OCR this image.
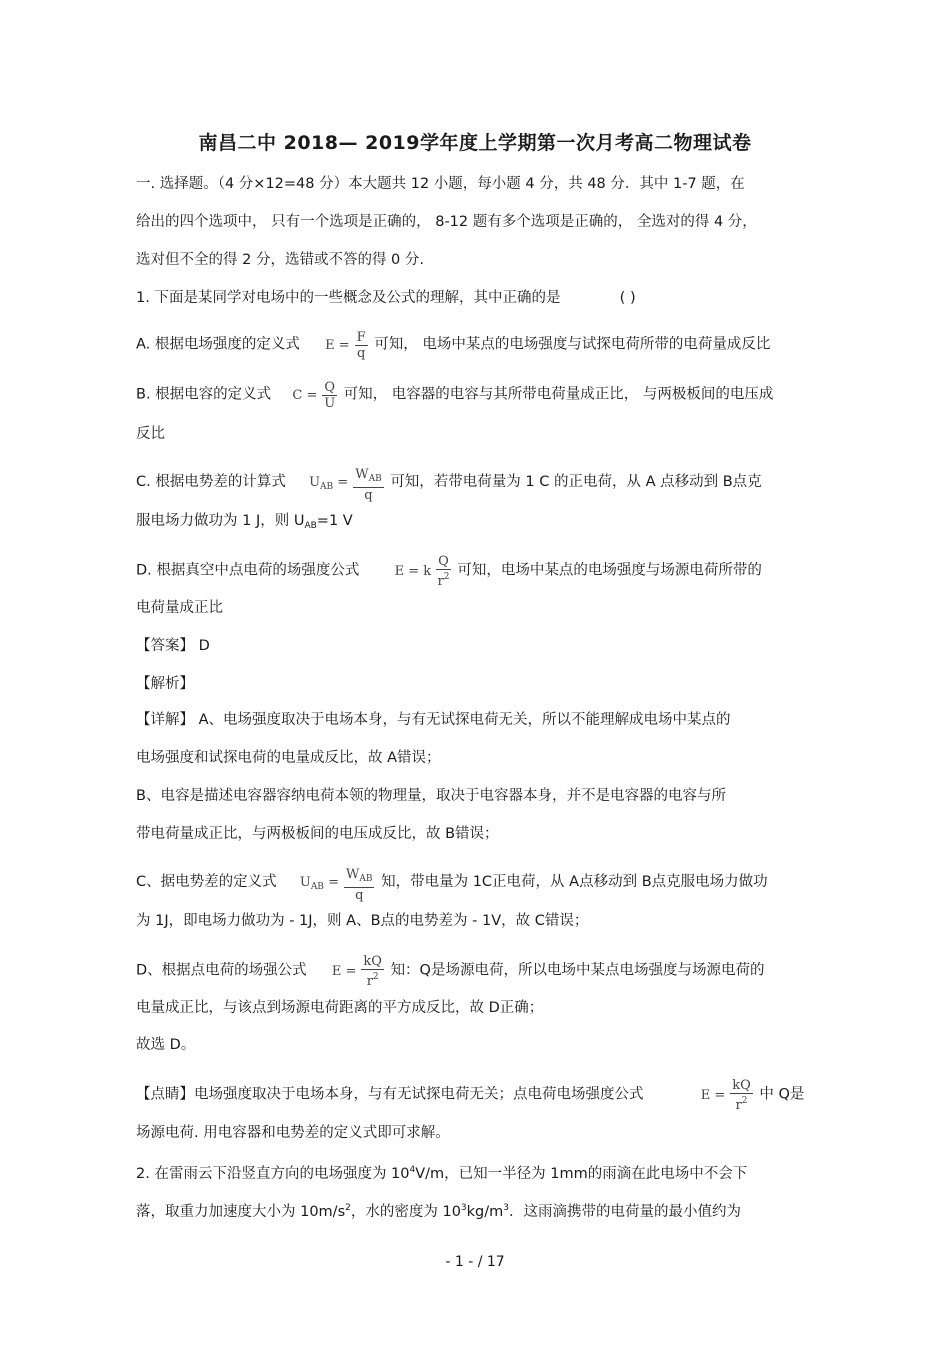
南昌二中 2018— 2019学年度上学期第一次月考高二物理试卷
一. 选择题。（4 分×12=48 分）本大题共 12 小题，每小题 4 分，共 48 分．其中 1-7 题，在
给出的四个选项中， 只有一个选项是正确的， 8-12 题有多个选项是正确的， 全选对的得 4 分，
选对但不全的得 2 分，选错或不答的得 0 分.
1. 下面是某同学对电场中的一些概念及公式的理解，其中正确的是	( )
A. 根据电场强度的定义式 $E = \frac{F}{q}$ 可知， 电场中某点的电场强度与试探电荷所带的电荷量成反比
B. 根据电容的定义式 $C = \frac{Q}{U}$ 可知， 电容器的电容与其所带电荷量成正比， 与两极板间的电压成
反比
C. 根据电势差的计算式 $U_{AB} = \frac{W_{AB}}{q}$ 可知，若带电荷量为 1 C 的正电荷，从 A 点移动到 B点克
服电场力做功为 1 J，则 $U_{AB}=1$ V
D. 根据真空中点电荷的场强度公式	E = k $\frac{Q}{r^2}$ 可知，电场中某点的电场强度与场源电荷所带的
电荷量成正比
【答案】 D
【解析】
【详解】 A、电场强度取决于电场本身，与有无试探电荷无关，所以不能理解成电场中某点的
电场强度和试探电荷的电量成反比，故 A错误；
B、电容是描述电容器容纳电荷本领的物理量，取决于电容器本身，并不是电容器的电容与所
带电荷量成正比，与两极板间的电压成反比，故 B错误；
C、据电势差的定义式 $U_{AB} = \frac{W_{AB}}{q}$ 知，带电量为 1C正电荷，从 A点移动到 B点克服电场力做功
为 1J，即电场力做功为 - 1J，则 A、B点的电势差为 - 1V，故 C错误；
D、根据点电荷的场强公式 $E = \frac{kQ}{r^2}$ 知：Q是场源电荷，所以电场中某点电场强度与场源电荷的
电量成正比，与该点到场源电荷距离的平方成反比，故 D正确；
故选 D。
【点睛】电场强度取决于电场本身，与有无试探电荷无关；点电荷电场强度公式	$E = \frac{kQ}{r^2}$ 中 Q是
场源电荷. 用电容器和电势差的定义式即可求解。
2. 在雷雨云下沿竖直方向的电场强度为 $10^4V/m$，已知一半径为 1mm的雨滴在此电场中不会下
落，取重力加速度大小为 $10m/s^2$，水的密度为 $10^3kg/m^3$．这雨滴携带的电荷量的最小值约为
- 1 - / 17
